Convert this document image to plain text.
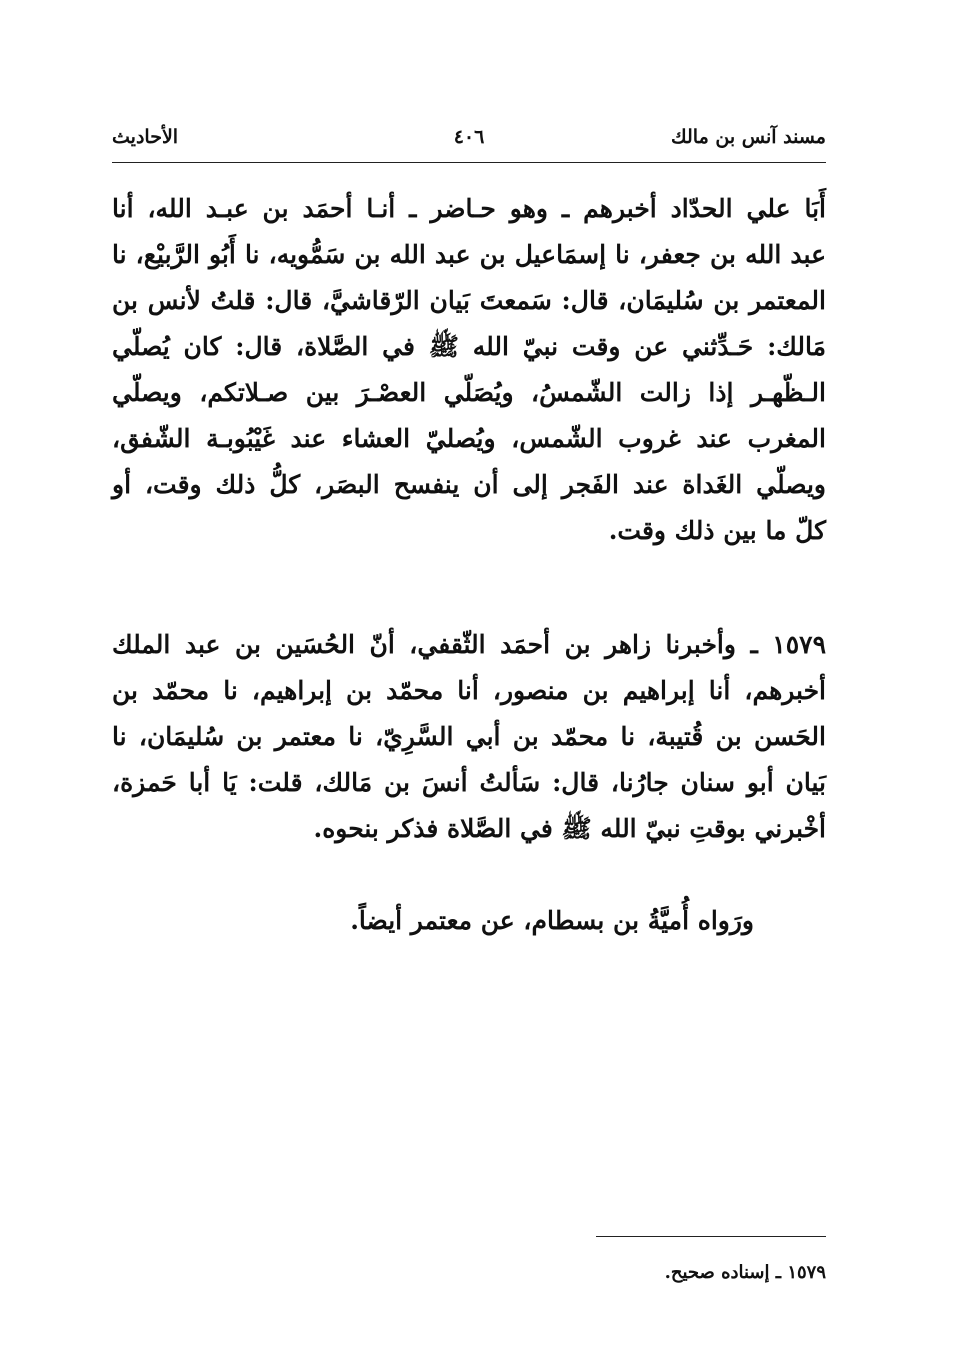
مسند آنس بن مالك
٤٠٦
الأحاديث
أَبَا علي الحدّاد أخبرهم ـ وهو حـاضر ـ أنـا أحمَد بن عبـد الله، أنا
عبد الله بن جعفر، نا إسمَاعيل بن عبد الله بن سَمُّويه، نا أَبُو الرَّبيْع، نا
المعتمر بن سُليمَان، قال: سَمعتَ بَيان الرّقاشيَّ، قال: قلتُ لأنس بن
مَالك: حَـدِّثني عن وقت نبيّ الله ﷺ في الصَّلاة، قال: كان يُصلّي
الـظّهـر إذا زالت الشّمسُ، ويُصَلّي العصْـرَ بين صـلاتكم، ويصلّي
المغرب عند غروب الشّمس، ويُصليّ العشاء عند غَيْبُوبـة الشّفق،
ويصلّي الغَداة عند الفَجر إلى أن ينفسح البصَر، كلُّ ذلك وقت، أو
كلّ ما بين ذلك وقت.
١٥٧٩ ـ وأخبرنا زاهر بن أحمَد الثّقفي، أنّ الحُسَين بن عبد الملك
أخبرهم، أنا إبراهيم بن منصور، أنا محمّد بن إبراهيم، نا محمّد بن
الحَسن بن قُتيبة، نا محمّد بن أبي السَّرِيّ، نا معتمر بن سُليمَان، نا
بَيان أبو سنان جارُنا، قال: سَألتُ أنسَ بن مَالك، قلت: يَا أبا حَمزة،
أخْبرني بوقتِ نبيّ الله ﷺ في الصَّلاة فذكر بنحوه.
ورَواه أُميَّةُ بن بسطام، عن معتمر أيضاً.
١٥٧٩ ـ إسناده صحيح.
